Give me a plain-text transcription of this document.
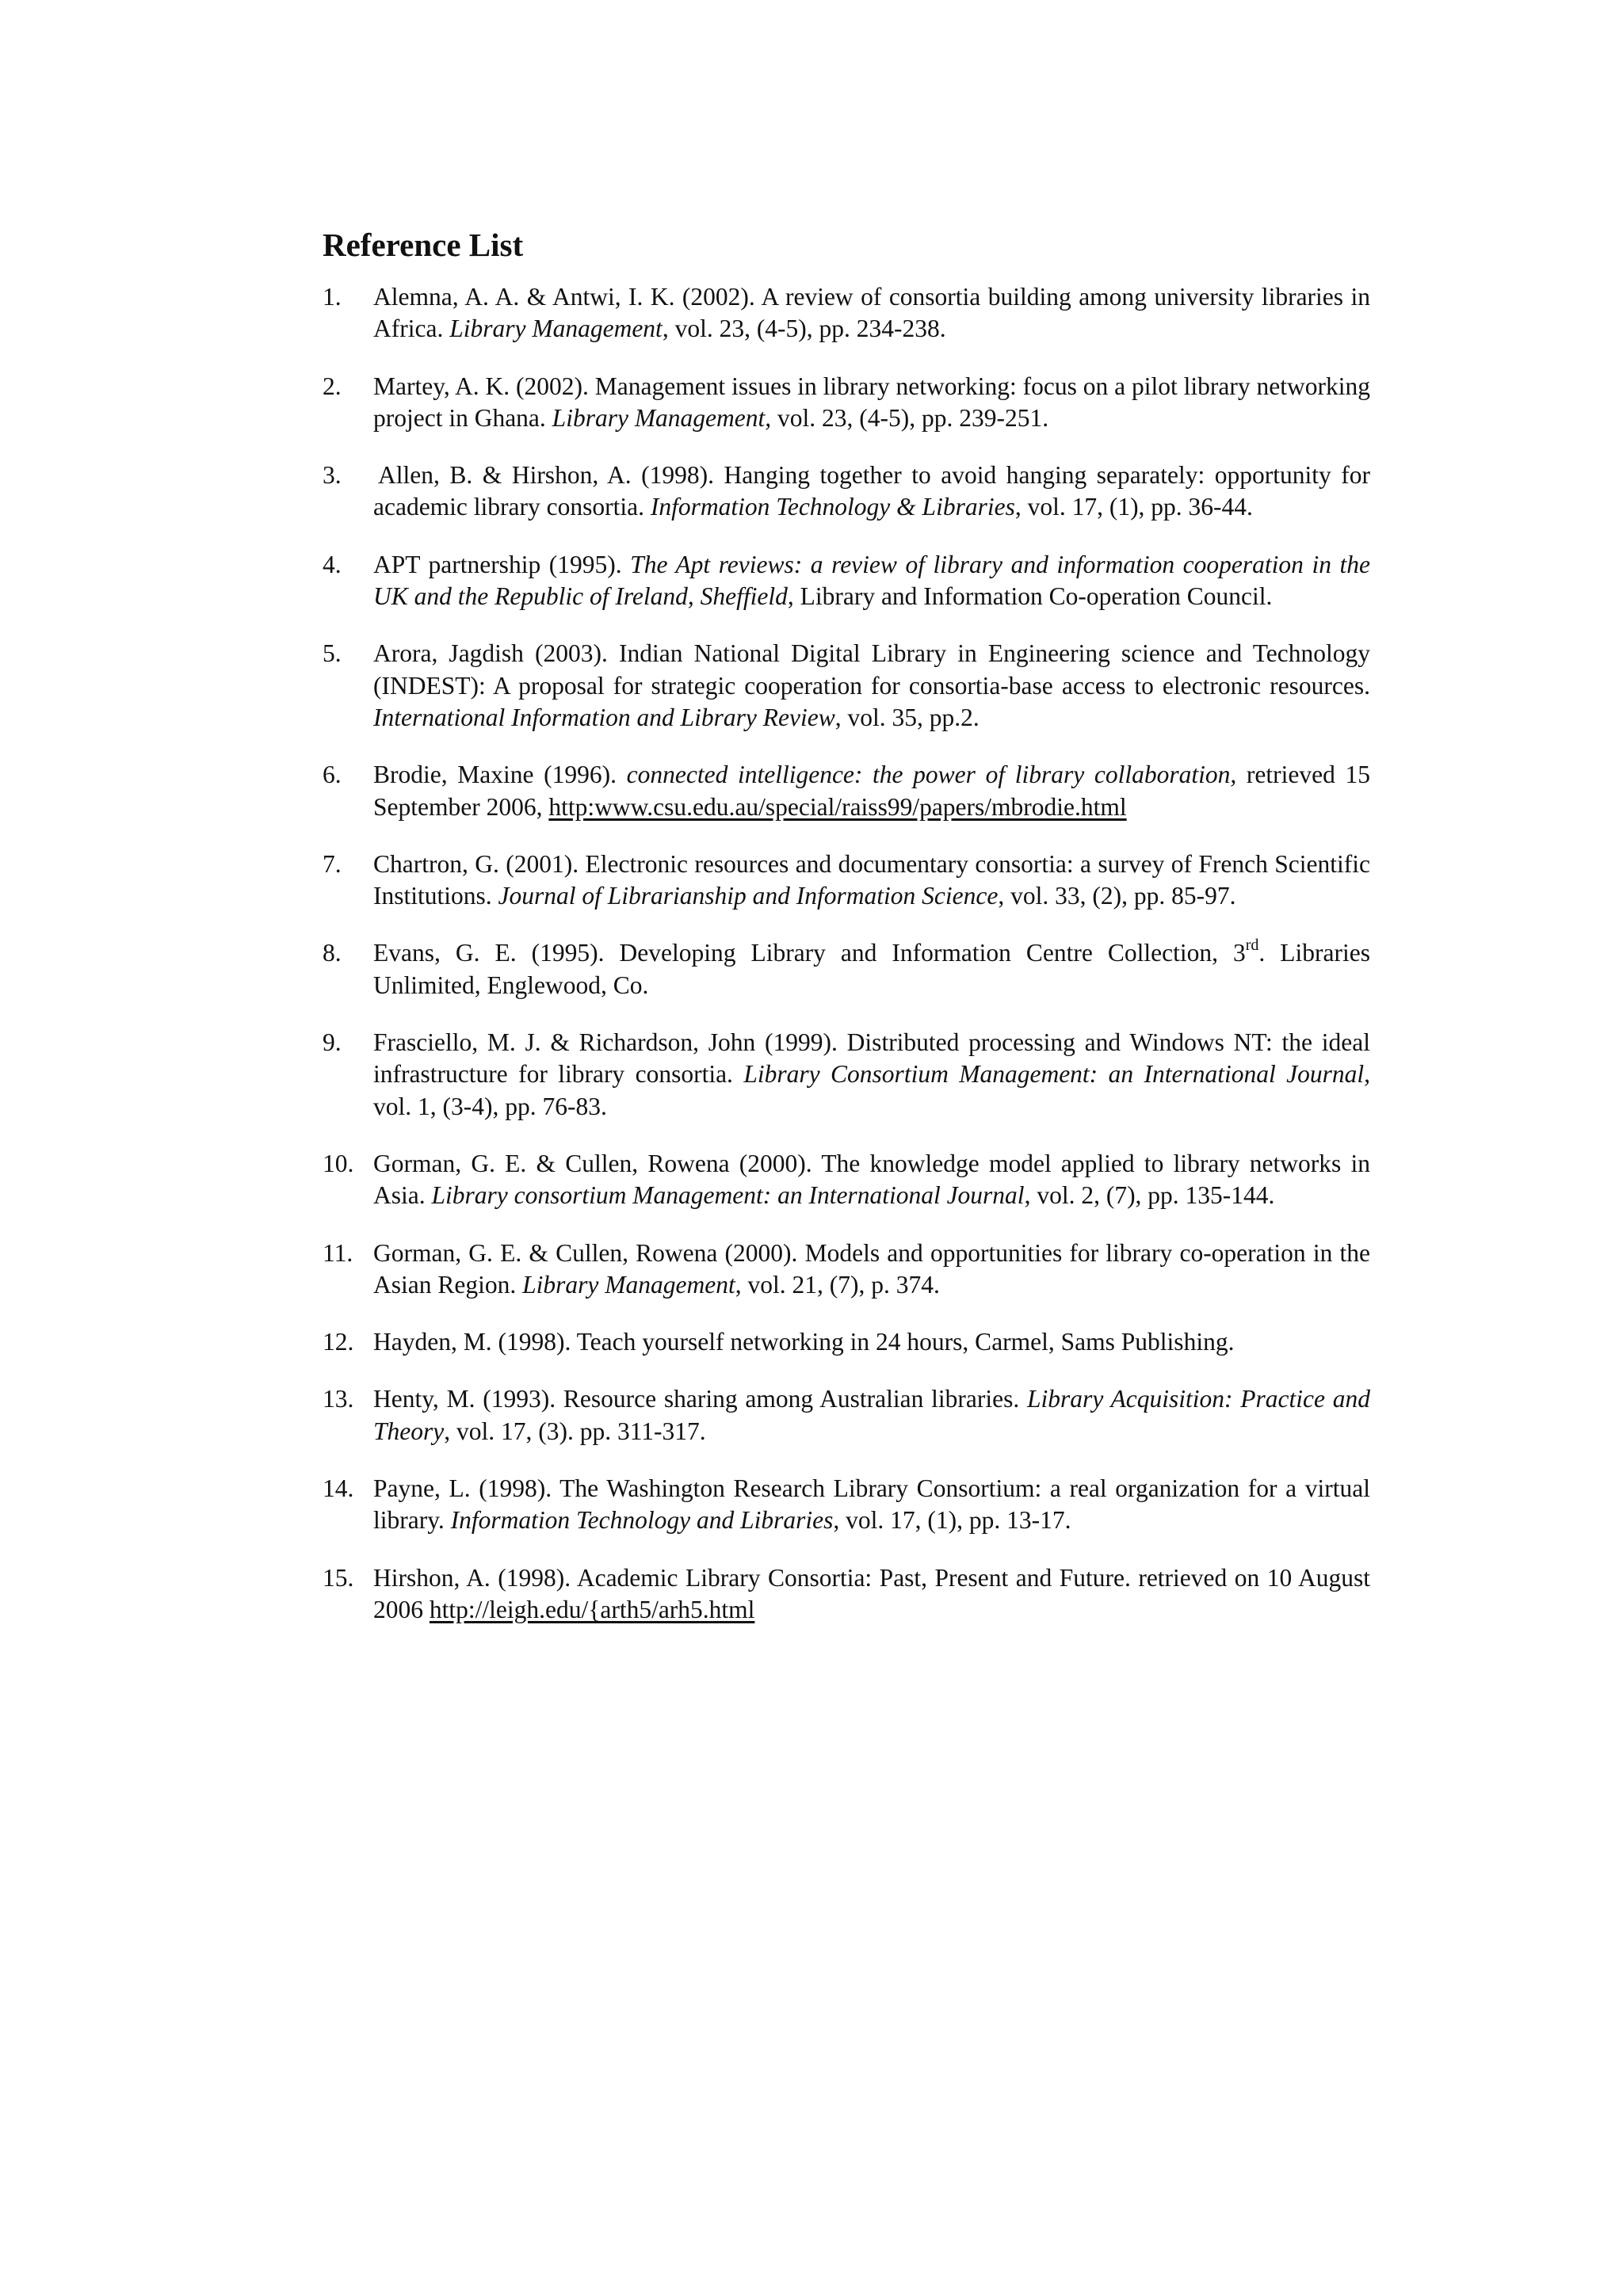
Reference List
1.	Alemna, A. A. & Antwi, I. K. (2002). A review of consortia building among university libraries in Africa. Library Management, vol. 23, (4-5), pp. 234-238.
2.	Martey, A. K. (2002). Management issues in library networking: focus on a pilot library networking project in Ghana. Library Management, vol. 23, (4-5), pp. 239-251.
3.	Allen, B. & Hirshon, A. (1998). Hanging together to avoid hanging separately: opportunity for academic library consortia. Information Technology & Libraries, vol. 17, (1), pp. 36-44.
4.	APT partnership (1995). The Apt reviews: a review of library and information cooperation in the UK and the Republic of Ireland, Sheffield, Library and Information Co-operation Council.
5.	Arora, Jagdish (2003). Indian National Digital Library in Engineering science and Technology (INDEST): A proposal for strategic cooperation for consortia-base access to electronic resources. International Information and Library Review, vol. 35, pp.2.
6.	Brodie, Maxine (1996). connected intelligence: the power of library collaboration, retrieved 15 September 2006, http:www.csu.edu.au/special/raiss99/papers/mbrodie.html
7.	Chartron, G. (2001). Electronic resources and documentary consortia: a survey of French Scientific Institutions. Journal of Librarianship and Information Science, vol. 33, (2), pp. 85-97.
8.	Evans, G. E. (1995). Developing Library and Information Centre Collection, 3rd. Libraries Unlimited, Englewood, Co.
9.	Frasciello, M. J. & Richardson, John (1999). Distributed processing and Windows NT: the ideal infrastructure for library consortia. Library Consortium Management: an International Journal, vol. 1, (3-4), pp. 76-83.
10. Gorman, G. E. & Cullen, Rowena (2000). The knowledge model applied to library networks in Asia. Library consortium Management: an International Journal, vol. 2, (7), pp. 135-144.
11. Gorman, G. E. & Cullen, Rowena (2000). Models and opportunities for library co-operation in the Asian Region. Library Management, vol. 21, (7), p. 374.
12. Hayden, M. (1998). Teach yourself networking in 24 hours, Carmel, Sams Publishing.
13. Henty, M. (1993). Resource sharing among Australian libraries. Library Acquisition: Practice and Theory, vol. 17, (3). pp. 311-317.
14. Payne, L. (1998). The Washington Research Library Consortium: a real organization for a virtual library. Information Technology and Libraries, vol. 17, (1), pp. 13-17.
15. Hirshon, A. (1998). Academic Library Consortia: Past, Present and Future. retrieved on 10 August 2006 http://leigh.edu/{arth5/arh5.html
